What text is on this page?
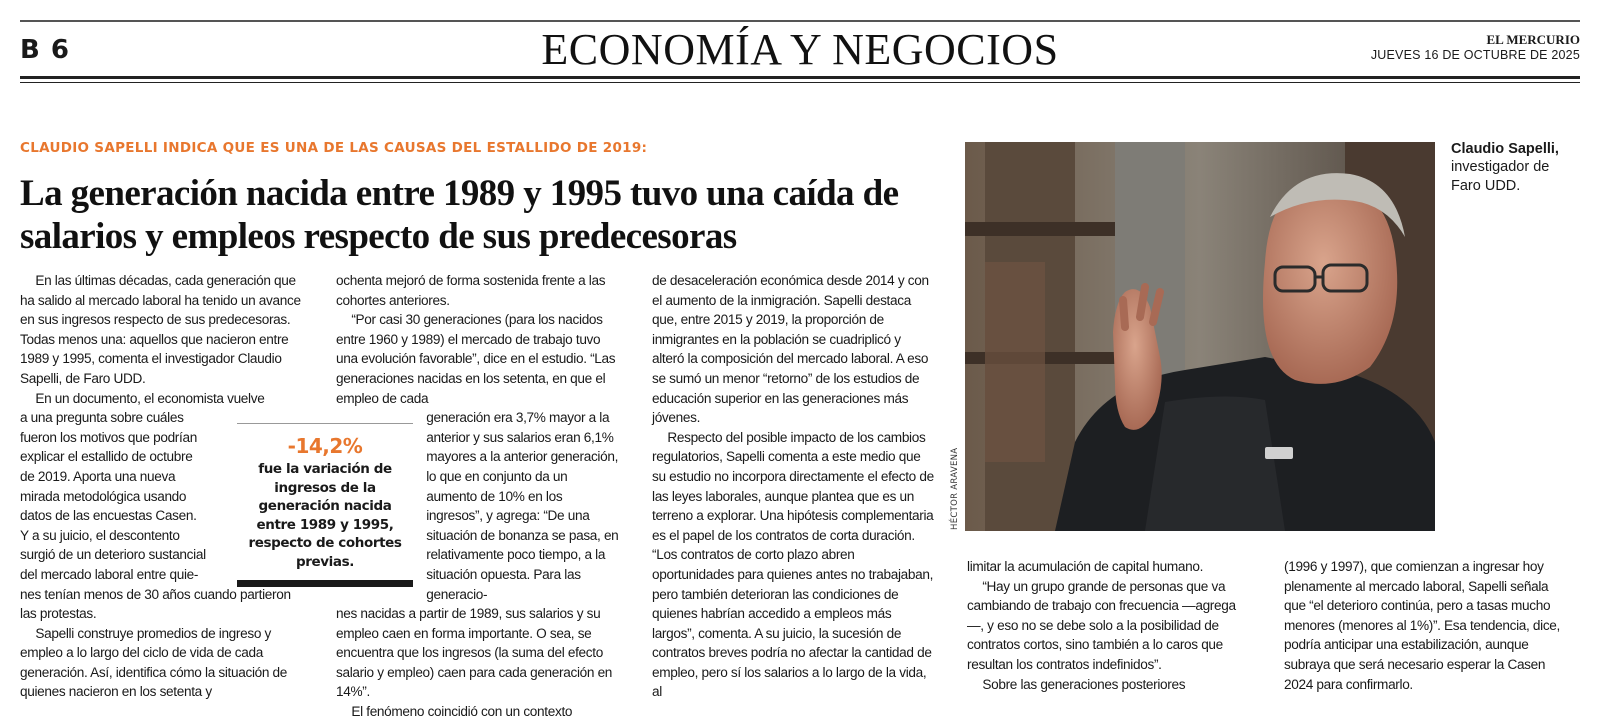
B 6	ECONOMÍA Y NEGOCIOS	EL MERCURIO
JUEVES 16 DE OCTUBRE DE 2025
CLAUDIO SAPELLI INDICA QUE ES UNA DE LAS CAUSAS DEL ESTALLIDO DE 2019:
La generación nacida entre 1989 y 1995 tuvo una caída de salarios y empleos respecto de sus predecesoras

En las últimas décadas, cada generación que ha salido al mercado laboral ha tenido un avance en sus ingresos respecto de sus predecesoras. Todas menos una: aquellos que nacieron entre 1989 y 1995, comenta el investigador Claudio Sapelli, de Faro UDD.

En un documento, el economista vuelve
a una pregunta sobre cuáles fueron los motivos que podrían explicar el estallido de octubre de 2019. Aporta una nueva mirada metodológica usando datos de las encuestas Casen. Y a su juicio, el descontento surgió de un deterioro sustancial del mercado laboral entre quie-
nes tenían menos de 30 años cuando partieron las protestas.

Sapelli construye promedios de ingreso y empleo a lo largo del ciclo de vida de cada generación. Así, identifica cómo la situación de quienes nacieron en los setenta y

ochenta mejoró de forma sostenida frente a las cohortes anteriores.

“Por casi 30 generaciones (para los nacidos entre 1960 y 1989) el mercado de trabajo tuvo una evolución favorable”, dice en el estudio. “Las generaciones nacidas en los setenta, en que el empleo de cada
generación era 3,7% mayor a la anterior y sus salarios eran 6,1% mayores a la anterior generación, lo que en conjunto da un aumento de 10% en los ingresos”, y agrega: “De una situación de bonanza se pasa, en relativamente poco tiempo, a la situación opuesta. Para las generacio-
nes nacidas a partir de 1989, sus salarios y su empleo caen en forma importante. O sea, se encuentra que los ingresos (la suma del efecto salario y empleo) caen para cada generación en 14%”.

El fenómeno coincidió con un contexto

de desaceleración económica desde 2014 y con el aumento de la inmigración. Sapelli destaca que, entre 2015 y 2019, la proporción de inmigrantes en la población se cuadriplicó y alteró la composición del mercado laboral. A eso se sumó un menor “retorno” de los estudios de educación superior en las generaciones más jóvenes.

Respecto del posible impacto de los cambios regulatorios, Sapelli comenta a este medio que su estudio no incorpora directamente el efecto de las leyes laborales, aunque plantea que es un terreno a explorar. Una hipótesis complementaria es el papel de los contratos de corta duración. “Los contratos de corto plazo abren oportunidades para quienes antes no trabajaban, pero también deterioran las condiciones de quienes habrían accedido a empleos más largos”, comenta. A su juicio, la sucesión de contratos breves podría no afectar la cantidad de empleo, pero sí los salarios a lo largo de la vida, al

limitar la acumulación de capital humano.

“Hay un grupo grande de personas que va cambiando de trabajo con frecuencia —agrega—, y eso no se debe solo a la posibilidad de contratos cortos, sino también a lo caros que resultan los contratos indefinidos”.

Sobre las generaciones posteriores

(1996 y 1997), que comienzan a ingresar hoy plenamente al mercado laboral, Sapelli señala que “el deterioro continúa, pero a tasas mucho menores (menores al 1%)”. Esa tendencia, dice, podría anticipar una estabilización, aunque subraya que será necesario esperar la Casen 2024 para confirmarlo.

-14,2%
fue la variación de ingresos de la generación nacida entre 1989 y 1995, respecto de cohortes previas.
HÉCTOR ARAVENA
Claudio Sapelli,
investigador de Faro UDD.
